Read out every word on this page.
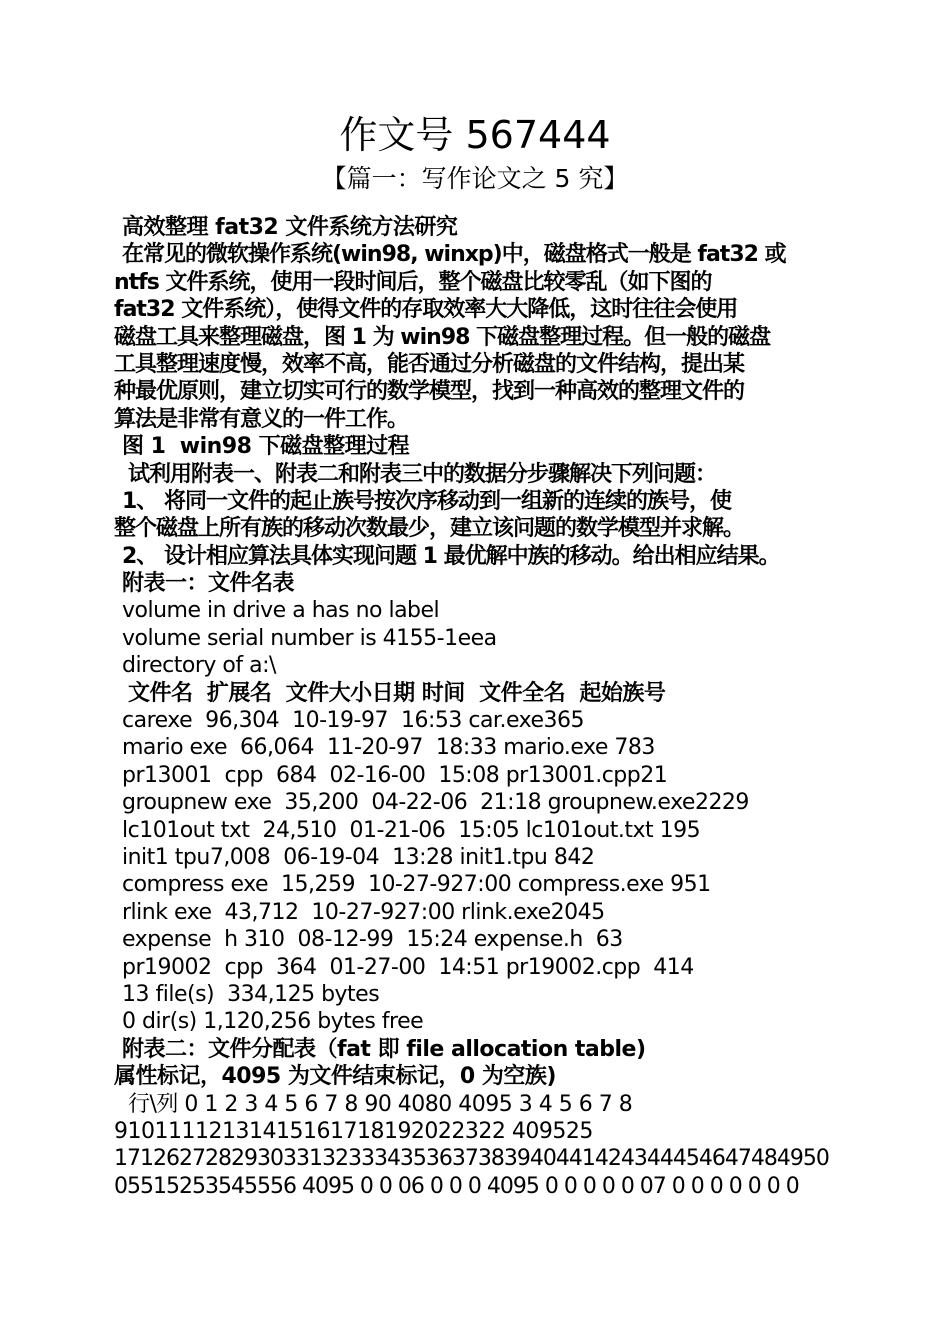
作文号 567444
【篇一：写作论文之 5 究】
高效整理 fat32 文件系统方法研究
在常见的微软操作系统(win98, winxp)中，磁盘格式一般是 fat32 或
ntfs 文件系统，使用一段时间后，整个磁盘比较零乱（如下图的
fat32 文件系统），使得文件的存取效率大大降低，这时往往会使用
磁盘工具来整理磁盘，图 1 为 win98 下磁盘整理过程。但一般的磁盘
工具整理速度慢，效率不高，能否通过分析磁盘的文件结构，提出某
种最优原则，建立切实可行的数学模型，找到一种高效的整理文件的
算法是非常有意义的一件工作。
图 1  win98 下磁盘整理过程
试利用附表一、附表二和附表三中的数据分步骤解决下列问题：
1、 将同一文件的起止族号按次序移动到一组新的连续的族号，使
整个磁盘上所有族的移动次数最少，建立该问题的数学模型并求解。
2、 设计相应算法具体实现问题 1 最优解中族的移动。给出相应结果。
附表一：文件名表
volume in drive a has no label
volume serial number is 4155-1eea
directory of a:\
文件名  扩展名  文件大小日期 时间  文件全名  起始族号
carexe  96,304  10-19-97  16:53 car.exe365
mario exe  66,064  11-20-97  18:33 mario.exe 783
pr13001  cpp  684  02-16-00  15:08 pr13001.cpp21
groupnew exe  35,200  04-22-06  21:18 groupnew.exe2229
lc101out txt  24,510  01-21-06  15:05 lc101out.txt 195
init1 tpu7,008  06-19-04  13:28 init1.tpu 842
compress exe  15,259  10-27-927:00 compress.exe 951
rlink exe  43,712  10-27-927:00 rlink.exe2045
expense  h 310  08-12-99  15:24 expense.h  63
pr19002  cpp  364  01-27-00  14:51 pr19002.cpp  414
13 file(s)  334,125 bytes
0 dir(s) 1,120,256 bytes free
附表二：文件分配表（fat 即 file allocation table)
属性标记，4095 为文件结束标记，0 为空族)
行\列 0 1 2 3 4 5 6 7 8 90 4080 4095 3 4 5 6 7 8
91011112131415161718192022322 409525
1712627282930331323334353637383940441424344454647484950
05515253545556 4095 0 0 06 0 0 0 4095 0 0 0 0 0 07 0 0 0 0 0 0 0
